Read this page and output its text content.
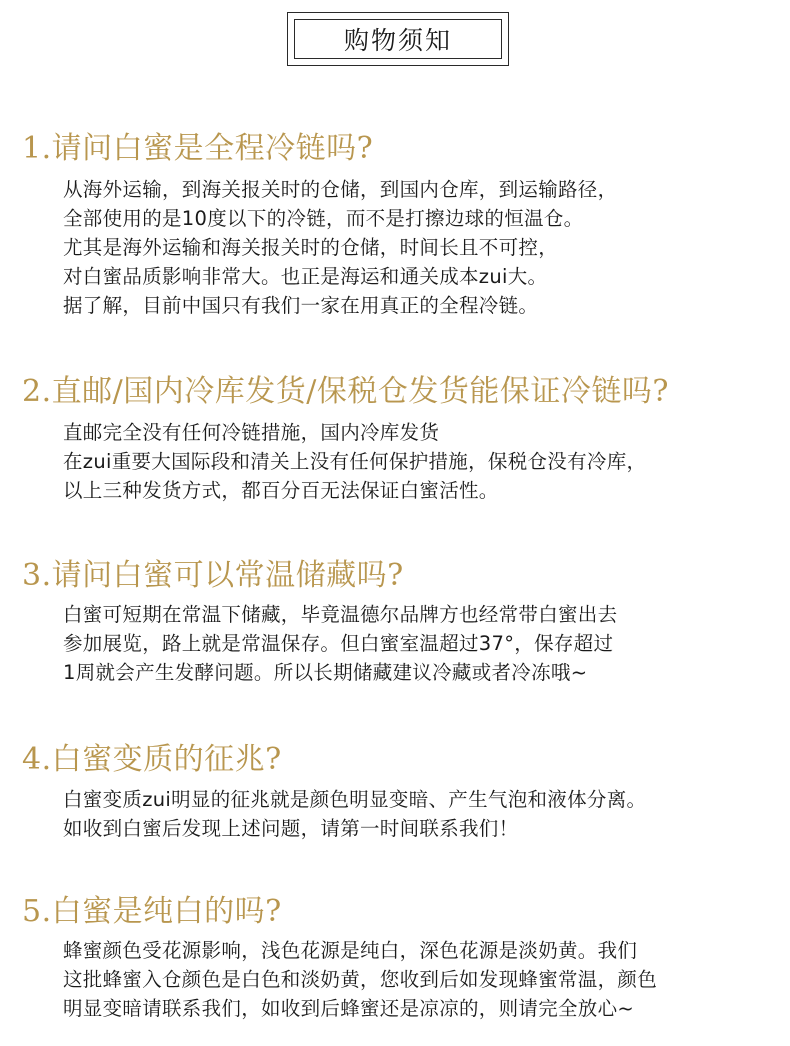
购物须知
1.请问白蜜是全程冷链吗?
从海外运输，到海关报关时的仓储，到国内仓库，到运输路径，
全部使用的是10度以下的冷链，而不是打擦边球的恒温仓。
尤其是海外运输和海关报关时的仓储，时间长且不可控，
对白蜜品质影响非常大。也正是海运和通关成本zui大。
据了解，目前中国只有我们一家在用真正的全程冷链。
2.直邮/国内冷库发货/保税仓发货能保证冷链吗?
直邮完全没有任何冷链措施，国内冷库发货
在zui重要大国际段和清关上没有任何保护措施，保税仓没有冷库，
以上三种发货方式，都百分百无法保证白蜜活性。
3.请问白蜜可以常温储藏吗?
白蜜可短期在常温下储藏，毕竟温德尔品牌方也经常带白蜜出去
参加展览，路上就是常温保存。但白蜜室温超过37°，保存超过
1周就会产生发酵问题。所以长期储藏建议冷藏或者冷冻哦~
4.白蜜变质的征兆?
白蜜变质zui明显的征兆就是颜色明显变暗、产生气泡和液体分离。
如收到白蜜后发现上述问题，请第一时间联系我们！
5.白蜜是纯白的吗?
蜂蜜颜色受花源影响，浅色花源是纯白，深色花源是淡奶黄。我们
这批蜂蜜入仓颜色是白色和淡奶黄，您收到后如发现蜂蜜常温，颜色
明显变暗请联系我们，如收到后蜂蜜还是凉凉的，则请完全放心~
